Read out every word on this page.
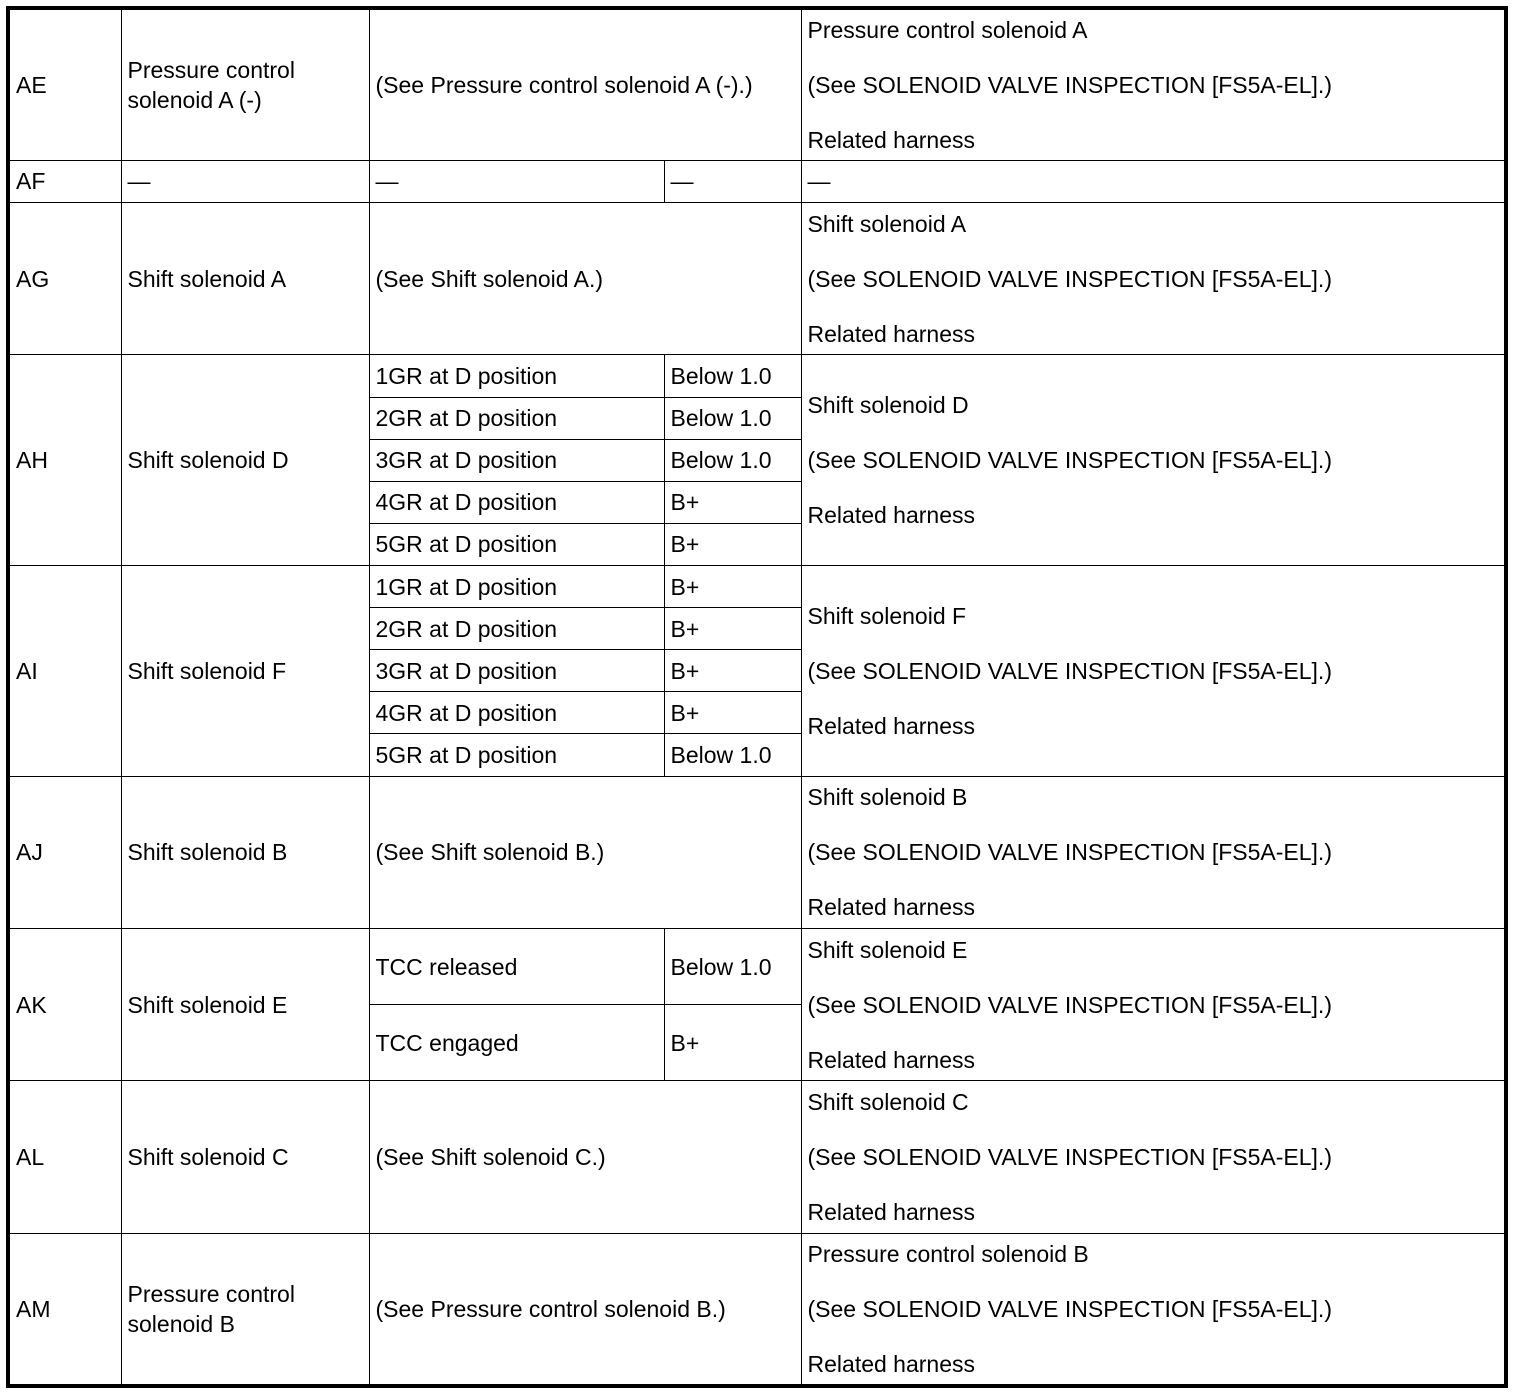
AE	Pressure control solenoid A (-)	(See Pressure control solenoid A (-).)		Pressure control solenoid A
(See SOLENOID VALVE INSPECTION [FS5A-EL].)
Related harness

AF	—	—	—	—
AG	Shift solenoid A	(See Shift solenoid A.)		Shift solenoid A
(See SOLENOID VALVE INSPECTION [FS5A-EL].)
Related harness

AH	Shift solenoid D	1GR at D position	Below 1.0	Shift solenoid D
(See SOLENOID VALVE INSPECTION [FS5A-EL].)
Related harness

		2GR at D position	Below 1.0	
		3GR at D position	Below 1.0	
		4GR at D position	B+	
		5GR at D position	B+	
AI	Shift solenoid F	1GR at D position	B+	Shift solenoid F
(See SOLENOID VALVE INSPECTION [FS5A-EL].)
Related harness

		2GR at D position	B+	
		3GR at D position	B+	
		4GR at D position	B+	
		5GR at D position	Below 1.0	
AJ	Shift solenoid B	(See Shift solenoid B.)		Shift solenoid B
(See SOLENOID VALVE INSPECTION [FS5A-EL].)
Related harness

AK	Shift solenoid E	TCC released	Below 1.0	Shift solenoid E
(See SOLENOID VALVE INSPECTION [FS5A-EL].)
Related harness

		TCC engaged	B+	
AL	Shift solenoid C	(See Shift solenoid C.)		Shift solenoid C
(See SOLENOID VALVE INSPECTION [FS5A-EL].)
Related harness

AM	Pressure control solenoid B	(See Pressure control solenoid B.)		Pressure control solenoid B
(See SOLENOID VALVE INSPECTION [FS5A-EL].)
Related harness
